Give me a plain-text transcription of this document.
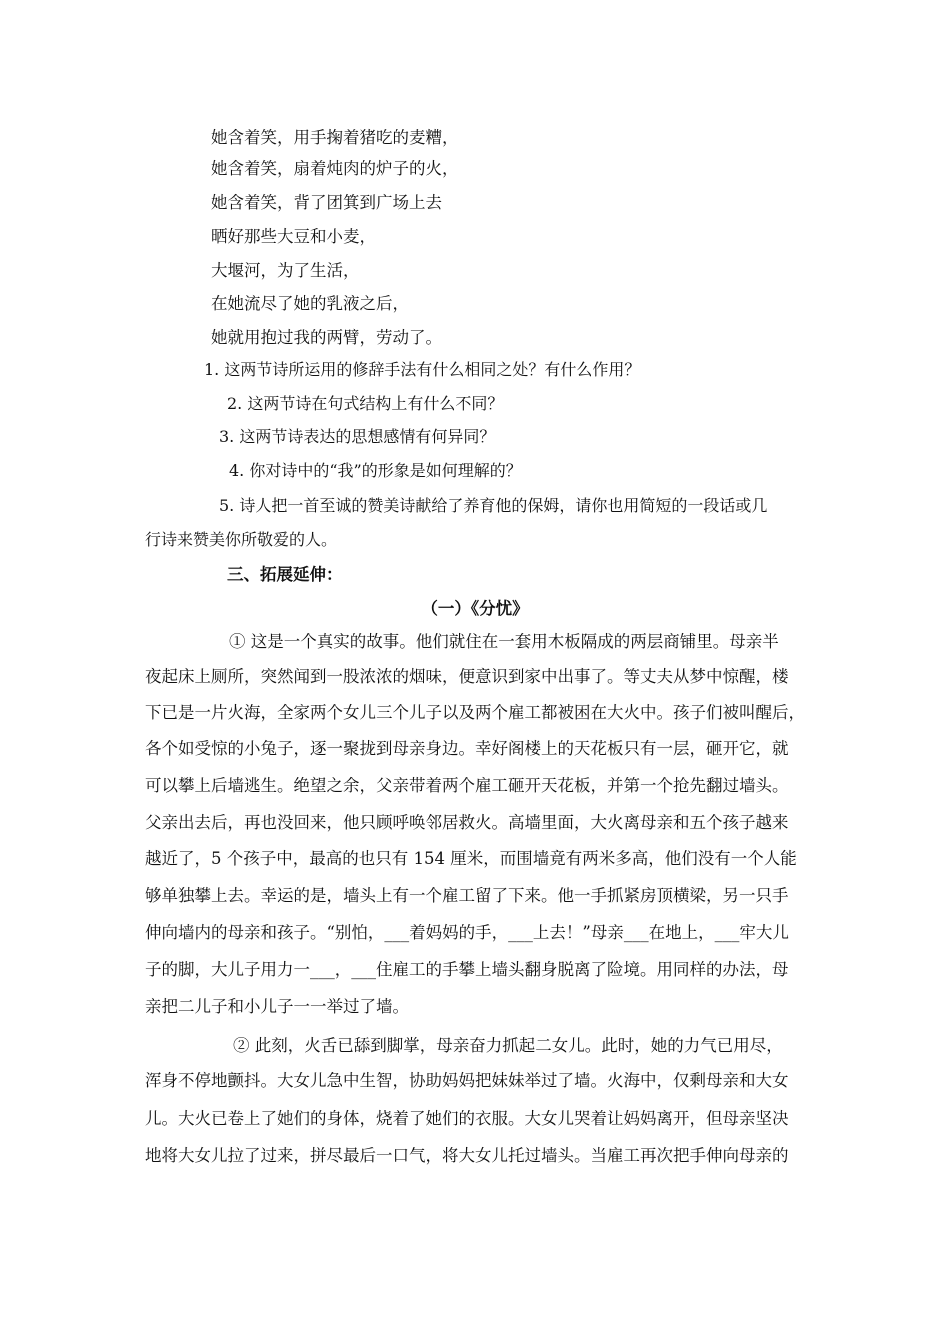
她含着笑，用手掬着猪吃的麦糟，
她含着笑，扇着炖肉的炉子的火，
她含着笑，背了团箕到广场上去
晒好那些大豆和小麦，
大堰河，为了生活，
在她流尽了她的乳液之后，
她就用抱过我的两臂，劳动了。
1. 这两节诗所运用的修辞手法有什么相同之处？有什么作用？
2. 这两节诗在句式结构上有什么不同？
3. 这两节诗表达的思想感情有何异同？
4. 你对诗中的“我”的形象是如何理解的？
5. 诗人把一首至诚的赞美诗献给了养育他的保姆，请你也用简短的一段话或几
行诗来赞美你所敬爱的人。
三、拓展延伸：
（一）《分忧》
① 这是一个真实的故事。他们就住在一套用木板隔成的两层商铺里。母亲半
夜起床上厕所，突然闻到一股浓浓的烟味，便意识到家中出事了。等丈夫从梦中惊醒，楼
下已是一片火海，全家两个女儿三个儿子以及两个雇工都被困在大火中。孩子们被叫醒后，
各个如受惊的小兔子，逐一聚拢到母亲身边。幸好阁楼上的天花板只有一层，砸开它，就
可以攀上后墙逃生。绝望之余，父亲带着两个雇工砸开天花板，并第一个抢先翻过墙头。
父亲出去后，再也没回来，他只顾呼唤邻居救火。高墙里面，大火离母亲和五个孩子越来
越近了，5 个孩子中，最高的也只有 154 厘米，而围墙竟有两米多高，他们没有一个人能
够单独攀上去。幸运的是，墙头上有一个雇工留了下来。他一手抓紧房顶横梁，另一只手
伸向墙内的母亲和孩子。“别怕，___着妈妈的手，___上去！”母亲___在地上，___牢大儿
子的脚，大儿子用力一___，___住雇工的手攀上墙头翻身脱离了险境。用同样的办法，母
亲把二儿子和小儿子一一举过了墙。
② 此刻，火舌已舔到脚掌，母亲奋力抓起二女儿。此时，她的力气已用尽，
浑身不停地颤抖。大女儿急中生智，协助妈妈把妹妹举过了墙。火海中，仅剩母亲和大女
儿。大火已卷上了她们的身体，烧着了她们的衣服。大女儿哭着让妈妈离开，但母亲坚决
地将大女儿拉了过来，拼尽最后一口气，将大女儿托过墙头。当雇工再次把手伸向母亲的
